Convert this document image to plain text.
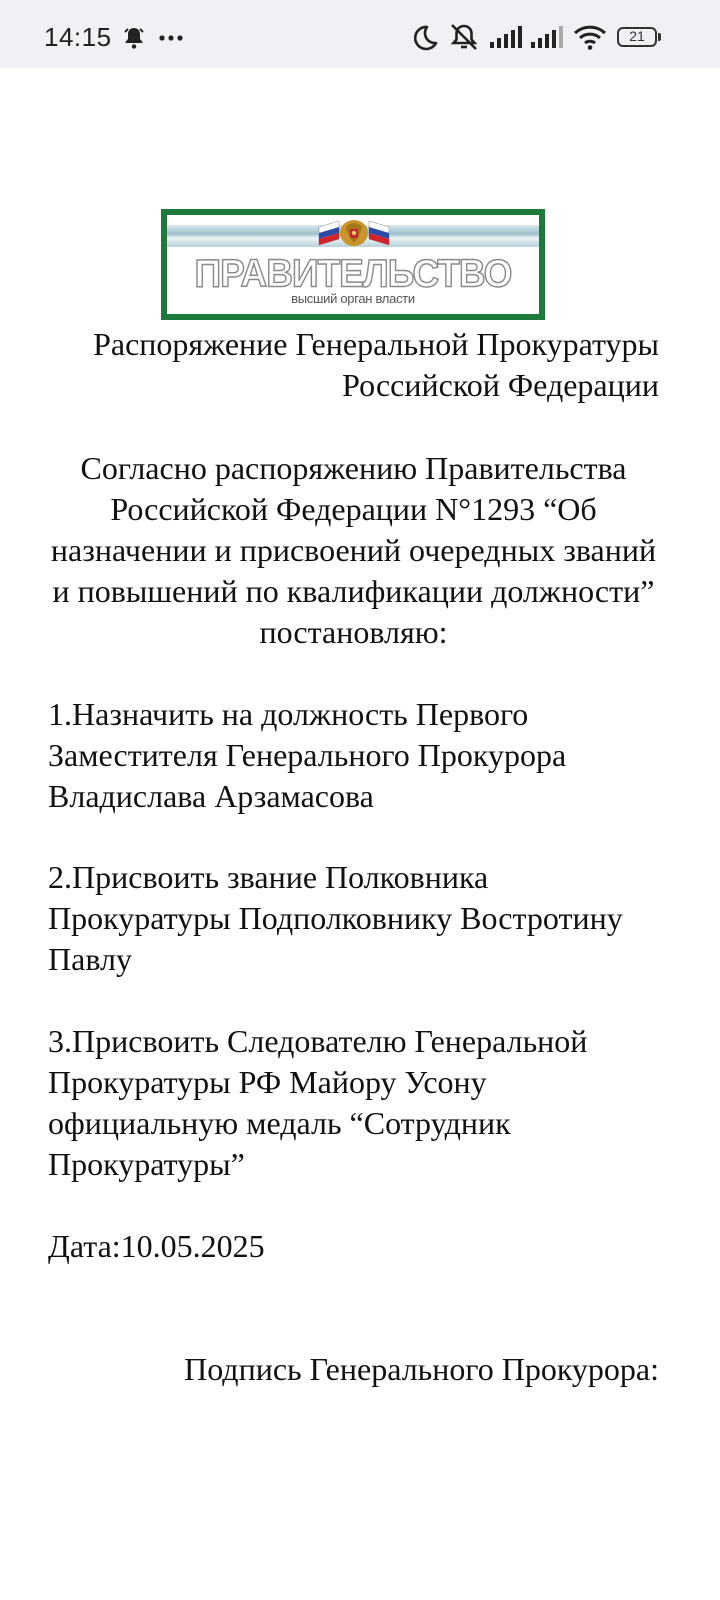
14:15	21
ПРАВИТЕЛЬСТВО
высший орган власти

Распоряжение Генеральной Прокуратуры Российской Федерации

Согласно распоряжению Правительства Российской Федерации N°1293 “Об назначении и присвоений очередных званий и повышений по квалификации должности” постановляю:

1.Назначить на должность Первого Заместителя Генерального Прокурора Владислава Арзамасова

2.Присвоить звание Полковника Прокуратуры Подполковнику Востротину Павлу

3.Присвоить Следователю Генеральной Прокуратуры РФ Майору Усону официальную медаль “Сотрудник Прокуратуры”

Дата:10.05.2025

Подпись Генерального Прокурора:
